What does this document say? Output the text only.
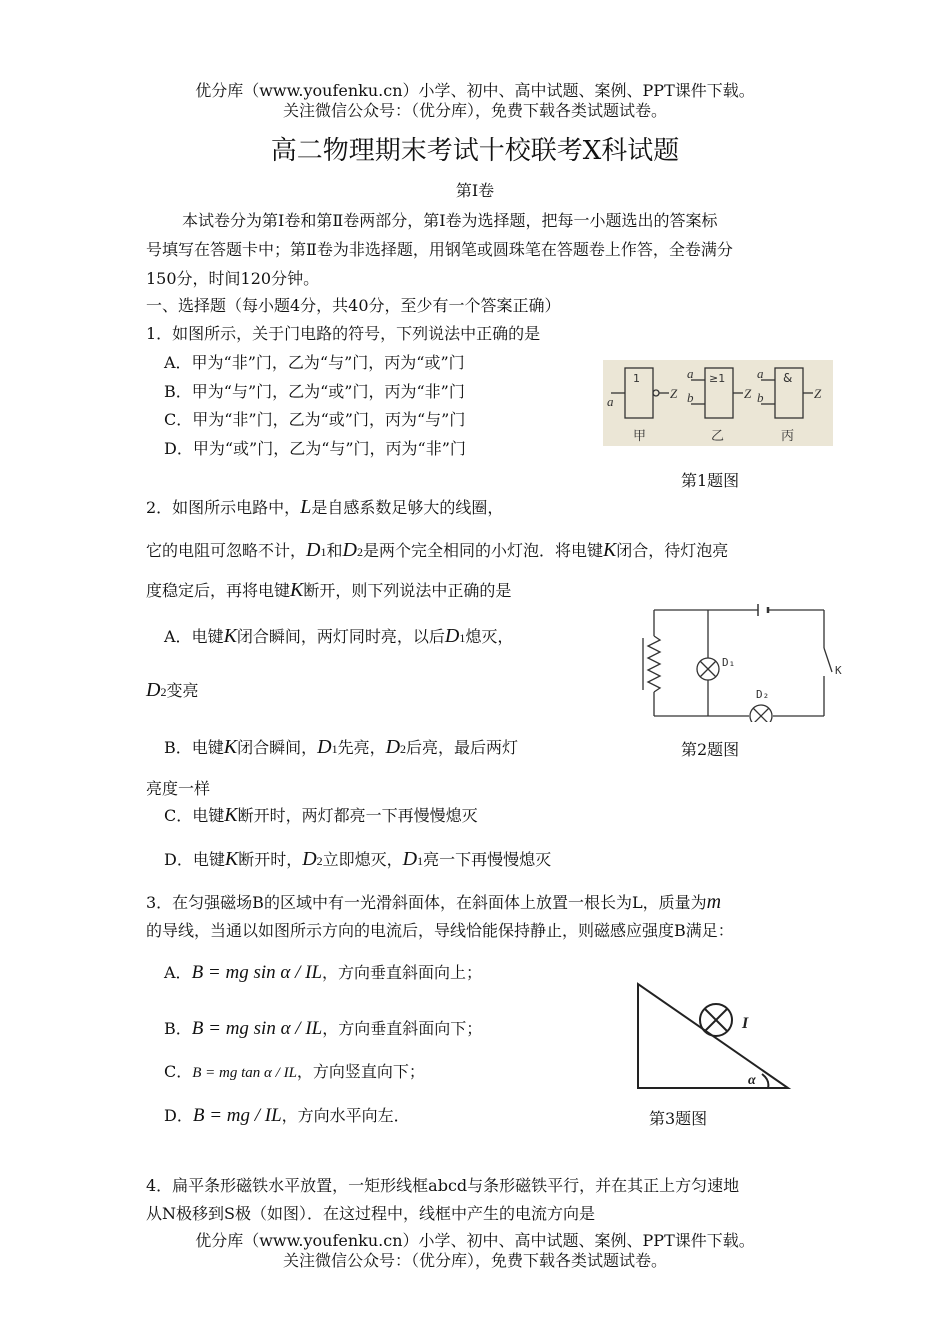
优分库（www.youfenku.cn）小学、初中、高中试题、案例、PPT课件下载。
关注微信公众号：（优分库），免费下载各类试题试卷。
高二物理期末考试十校联考Ⅹ科试题
第Ⅰ卷
本试卷分为第Ⅰ卷和第Ⅱ卷两部分，第Ⅰ卷为选择题，把每一小题选出的答案标
号填写在答题卡中；第Ⅱ卷为非选择题，用钢笔或圆珠笔在答题卷上作答，全卷满分
150分，时间120分钟。
一、选择题（每小题4分，共40分，至少有一个答案正确）
1．如图所示，关于门电路的符号，下列说法中正确的是
A．甲为“非”门，乙为“与”门，丙为“或”门
B．甲为“与”门，乙为“或”门，丙为“非”门
C．甲为“非”门，乙为“或”门，丙为“与”门
D．甲为“或”门，乙为“与”门，丙为“非”门
1	≥1	&
a
Z
a
b	Z
a
b	Z
甲	乙	丙
第1题图
2．如图所示电路中，L是自感系数足够大的线圈，
它的电阻可忽略不计，D1和D2是两个完全相同的小灯泡．将电键K闭合，待灯泡亮
度稳定后，再将电键K断开，则下列说法中正确的是
A．电键K闭合瞬间，两灯同时亮，以后D1熄灭，
D2变亮
B．电键K闭合瞬间，D1先亮，D2后亮，最后两灯
亮度一样
C．电键K断开时，两灯都亮一下再慢慢熄灭
D．电键K断开时，D2立即熄灭，D1亮一下再慢慢熄灭
D₁
D₂
K
第2题图
3．在匀强磁场B的区域中有一光滑斜面体，在斜面体上放置一根长为L，质量为m
的导线，当通以如图所示方向的电流后，导线恰能保持静止，则磁感应强度B满足：
A．B = mg sin α / IL，方向垂直斜面向上；
B．B = mg sin α / IL，方向垂直斜面向下；
C．B = mg tan α / IL，方向竖直向下；
D．B = mg / IL，方向水平向左．
I
α
第3题图
4．扁平条形磁铁水平放置，一矩形线框abcd与条形磁铁平行，并在其正上方匀速地
从N极移到S极（如图）．在这过程中，线框中产生的电流方向是
优分库（www.youfenku.cn）小学、初中、高中试题、案例、PPT课件下载。
关注微信公众号：（优分库），免费下载各类试题试卷。
